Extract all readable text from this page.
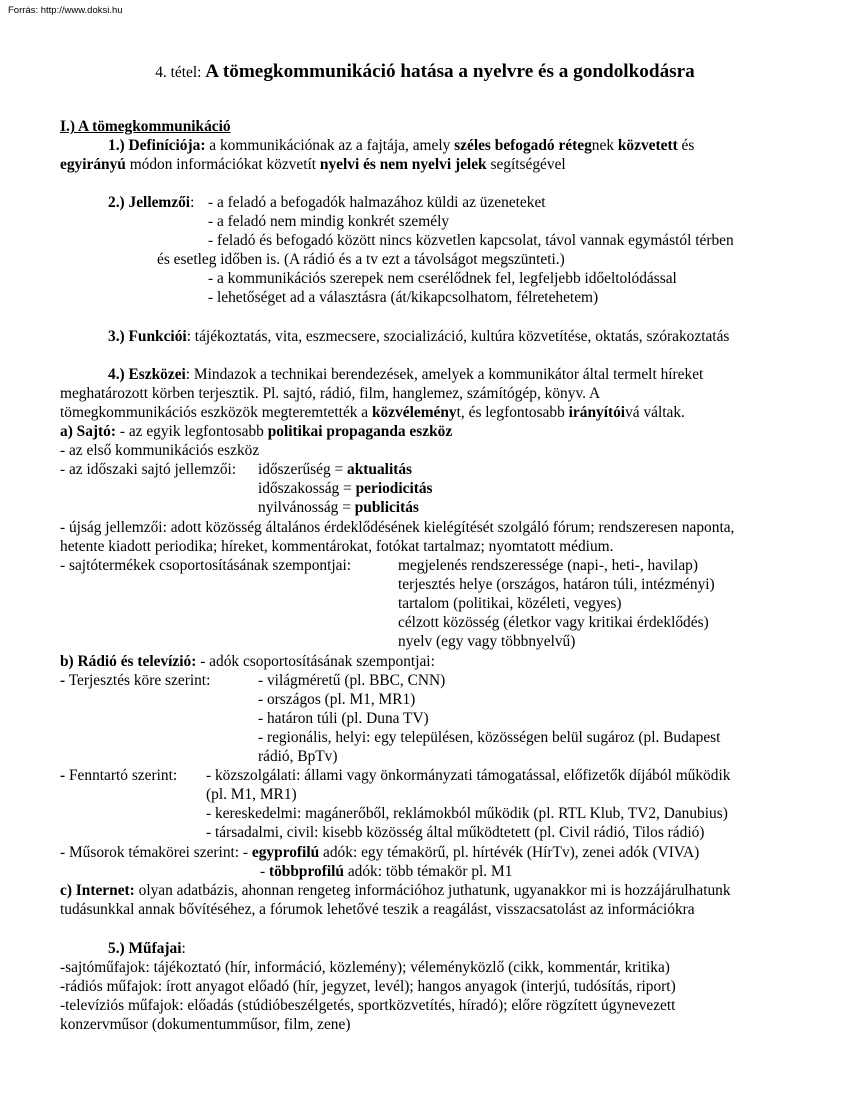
Forrás: http://www.doksi.hu
4. tétel: A tömegkommunikáció hatása a nyelvre és a gondolkodásra
I.) A tömegkommunikáció
1.) Definíciója: a kommunikációnak az a fajtája, amely széles befogadó rétegnek közvetett és
egyirányú módon információkat közvetít nyelvi és nem nyelvi jelek segítségével
2.) Jellemzői: - a feladó a befogadók halmazához küldi az üzeneteket
- a feladó nem mindig konkrét személy
- feladó és befogadó között nincs közvetlen kapcsolat, távol vannak egymástól térben
és esetleg időben is. (A rádió és a tv ezt a távolságot megszünteti.)
- a kommunikációs szerepek nem cserélődnek fel, legfeljebb időeltolódással
- lehetőséget ad a választásra (át/kikapcsolhatom, félretehetem)
3.) Funkciói: tájékoztatás, vita, eszmecsere, szocializáció, kultúra közvetítése, oktatás, szórakoztatás
4.) Eszközei: Mindazok a technikai berendezések, amelyek a kommunikátor által termelt híreket
meghatározott körben terjesztik. Pl. sajtó, rádió, film, hanglemez, számítógép, könyv. A
tömegkommunikációs eszközök megteremtették a közvéleményt, és legfontosabb irányítóivá váltak.
a) Sajtó: - az egyik legfontosabb politikai propaganda eszköz
- az első kommunikációs eszköz
- az időszaki sajtó jellemzői: időszerűség = aktualitás
időszakosság = periodicitás
nyilvánosság = publicitás
- újság jellemzői: adott közösség általános érdeklődésének kielégítését szolgáló fórum; rendszeresen naponta,
hetente kiadott periodika; híreket, kommentárokat, fotókat tartalmaz; nyomtatott médium.
- sajtótermékek csoportosításának szempontjai:	megjelenés rendszeressége (napi-, heti-, havilap)
terjesztés helye (országos, határon túli, intézményi)
tartalom (politikai, közéleti, vegyes)
célzott közösség (életkor vagy kritikai érdeklődés)
nyelv (egy vagy többnyelvű)
b) Rádió és televízió: - adók csoportosításának szempontjai:
- Terjesztés köre szerint:	- világméretű (pl. BBC, CNN)
- országos (pl. M1, MR1)
- határon túli (pl. Duna TV)
- regionális, helyi: egy településen, közösségen belül sugároz (pl. Budapest
rádió, BpTv)
- Fenntartó szerint: - közszolgálati: állami vagy önkormányzati támogatással, előfizetők díjából működik
(pl. M1, MR1)
- kereskedelmi: magánerőből, reklámokból működik (pl. RTL Klub, TV2, Danubius)
- társadalmi, civil: kisebb közösség által működtetett (pl. Civil rádió, Tilos rádió)
- Műsorok témakörei szerint: - egyprofilú adók: egy témakörű, pl. hírtévék (HírTv), zenei adók (VIVA)
- többprofilú adók: több témakör pl. M1
c) Internet: olyan adatbázis, ahonnan rengeteg információhoz juthatunk, ugyanakkor mi is hozzájárulhatunk
tudásunkkal annak bővítéséhez, a fórumok lehetővé teszik a reagálást, visszacsatolást az információkra
5.) Műfajai:
-sajtóműfajok: tájékoztató (hír, információ, közlemény); véleményközlő (cikk, kommentár, kritika)
-rádiós műfajok: írott anyagot előadó (hír, jegyzet, levél); hangos anyagok (interjú, tudósítás, riport)
-televíziós műfajok: előadás (stúdióbeszélgetés, sportközvetítés, híradó); előre rögzített úgynevezett
konzervműsor (dokumentumműsor, film, zene)
